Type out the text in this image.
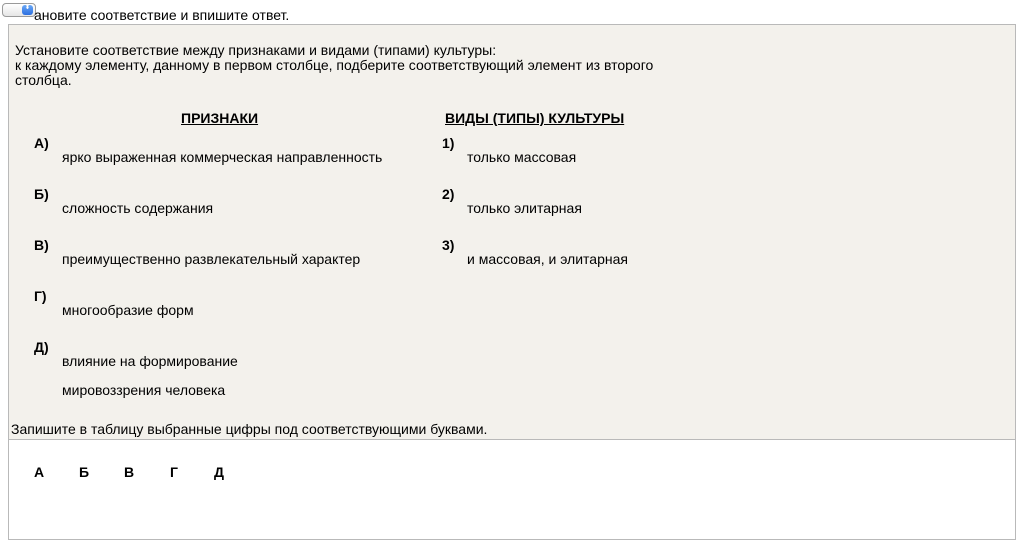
⬍ ановите соответствие и впишите ответ.
Установите соответствие между признаками и видами (типами) культуры:
к каждому элементу, данному в первом столбце, подберите соответствующий элемент из второго
столбца.
ПРИЗНАКИ	ВИДЫ (ТИПЫ) КУЛЬТУРЫ
А)
ярко выраженная коммерческая направленность
Б)
сложность содержания
В)
преимущественно развлекательный характер
Г)
многообразие форм
Д)
влияние на формирование
мировоззрения человека
1)
только массовая
2)
только элитарная
3)
и массовая, и элитарная
Запишите в таблицу выбранные цифры под соответствующими буквами.
А	Б	В	Г	Д
